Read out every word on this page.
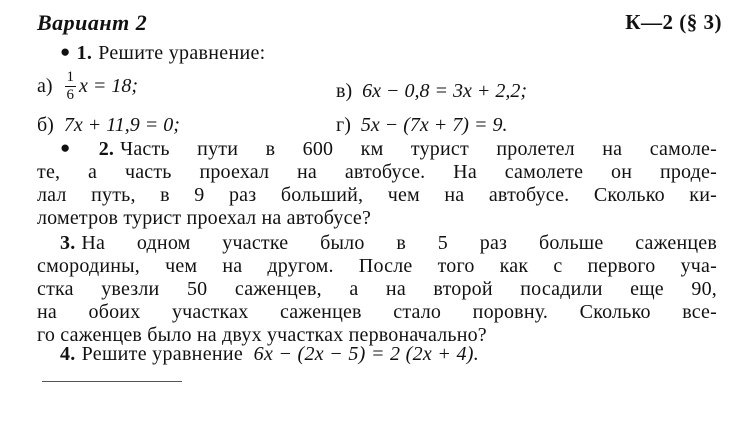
Вариант 2	К—2 (§ 3)
● 1. Решите уравнение:
$а) \frac{1}{6}$ x = 18;	в) 6x − 0,8 = 3x + 2,2;
б) 7x + 11,9 = 0;	г) 5x − (7x + 7) = 9.
● 2. Часть пути в 600 км турист пролетел на самоле-
те, а часть проехал на автобусе. На самолете он проде-
лал путь, в 9 раз больший, чем на автобусе. Сколько ки-
лометров турист проехал на автобусе?
3. На одном участке было в 5 раз больше саженцев
смородины, чем на другом. После того как с первого уча-
стка увезли 50 саженцев, а на второй посадили еще 90,
на обоих участках саженцев стало поровну. Сколько все-
го саженцев было на двух участках первоначально?
4. Решите уравнение 6x − (2x − 5) = 2 (2x + 4).
